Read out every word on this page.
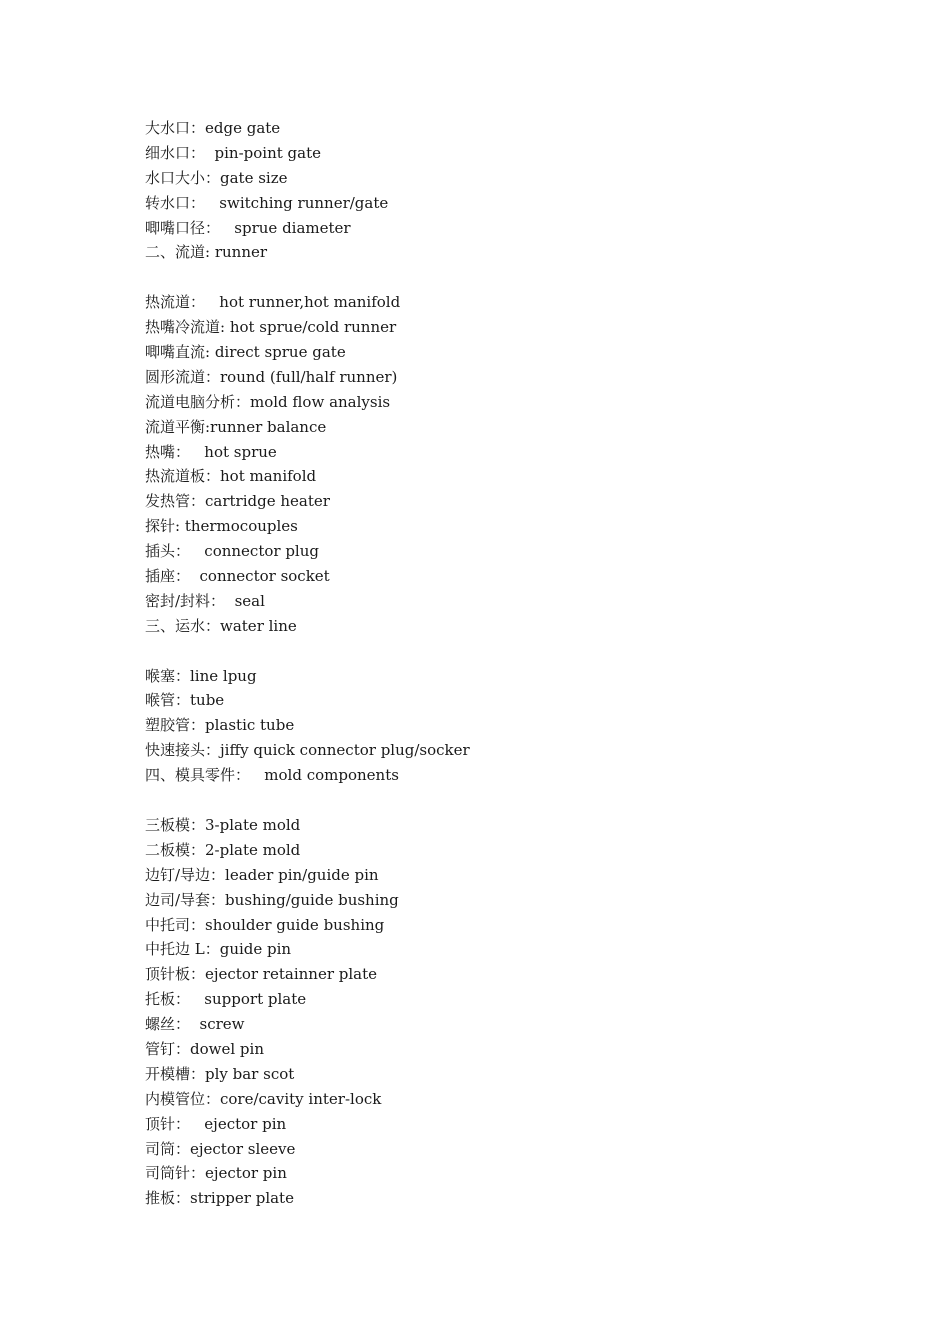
大水口：edge gate
细水口：  pin-point gate
水口大小：gate size
转水口：   switching runner/gate
唧嘴口径：   sprue diameter
二、流道: runner
热流道：   hot runner,hot manifold
热嘴冷流道: hot sprue/cold runner
唧嘴直流: direct sprue gate
圆形流道：round (full/half runner)
流道电脑分析：mold flow analysis
流道平衡:runner balance
热嘴：   hot sprue
热流道板：hot manifold
发热管：cartridge heater
探针: thermocouples
插头：   connector plug
插座：  connector socket
密封/封料：  seal
三、运水：water line
喉塞：line lpug
喉管：tube
塑胶管：plastic tube
快速接头：jiffy quick connector plug/socker
四、模具零件：   mold components
三板模：3-plate mold
二板模：2-plate mold
边钉/导边：leader pin/guide pin
边司/导套：bushing/guide bushing
中托司：shoulder guide bushing
中托边 L：guide pin
顶针板：ejector retainner plate
托板：   support plate
螺丝：  screw
管钉：dowel pin
开模槽：ply bar scot
内模管位：core/cavity inter-lock
顶针：   ejector pin
司筒：ejector sleeve
司筒针：ejector pin
推板：stripper plate
